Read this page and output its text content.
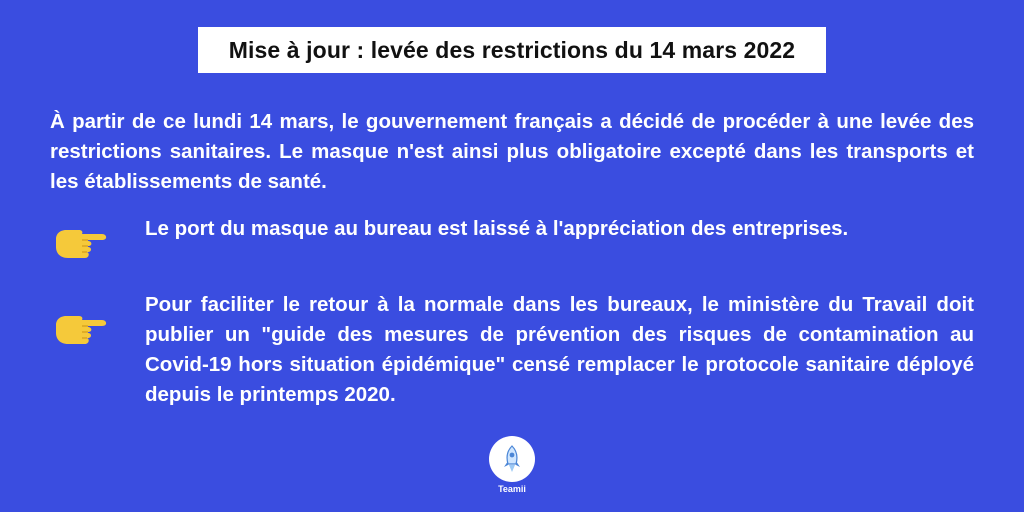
Mise à jour : levée des restrictions du 14 mars 2022
À partir de ce lundi 14 mars, le gouvernement français a décidé de procéder à une levée des restrictions sanitaires. Le masque n'est ainsi plus obligatoire excepté dans les transports et les établissements de santé.
Le port du masque au bureau est laissé à l'appréciation des entreprises.
Pour faciliter le retour à la normale dans les bureaux, le ministère du Travail doit publier un "guide des mesures de prévention des risques de contamination au Covid-19 hors situation épidémique" censé remplacer le protocole sanitaire déployé depuis le printemps 2020.
Teamii
